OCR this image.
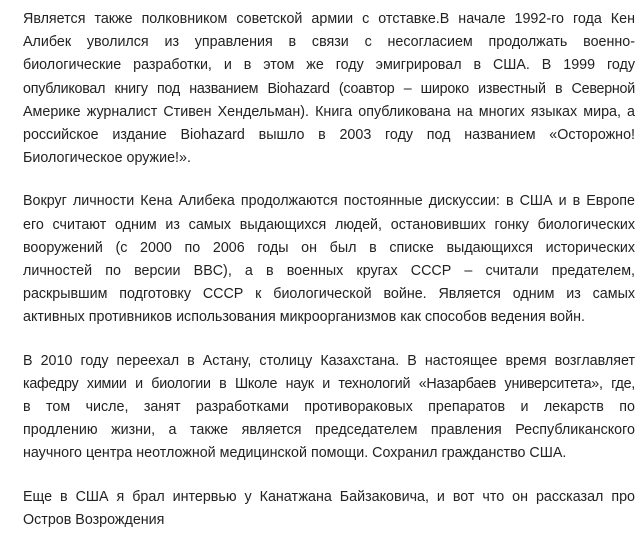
Является также полковником советской армии с отставке.В начале 1992-го года Кен
Алибек уволился из управления в связи с несогласием продолжать военно-
биологические разработки, и в этом же году эмигрировал в США. В 1999 году
опубликовал книгу под названием Biohazard (соавтор – широко известный в Северной
Америке журналист Стивен Хендельман). Книга опубликована на многих языках мира, а
российское издание Biohazard вышло в 2003 году под названием «Осторожно!
Биологическое оружие!».

Вокруг личности Кена Алибека продолжаются постоянные дискуссии: в США и в Европе
его считают одним из самых выдающихся людей, остановивших гонку биологических
вооружений (с 2000 по 2006 годы он был в списке выдающихся исторических
личностей по версии BBC), а в военных кругах СССР – считали предателем,
раскрывшим подготовку СССР к биологической войне. Является одним из самых
активных противников использования микроорганизмов как способов ведения войн.

В 2010 году переехал в Астану, столицу Казахстана. В настоящее время возглавляет
кафедру химии и биологии в Школе наук и технологий «Назарбаев университета», где,
в том числе, занят разработками противораковых препаратов и лекарств по
продлению жизни, а также является председателем правления Республиканского
научного центра неотложной медицинской помощи. Сохранил гражданство США.

Еще в США я брал интервью у Канатжана Байзаковича, и вот что он рассказал про
Остров Возрождения
